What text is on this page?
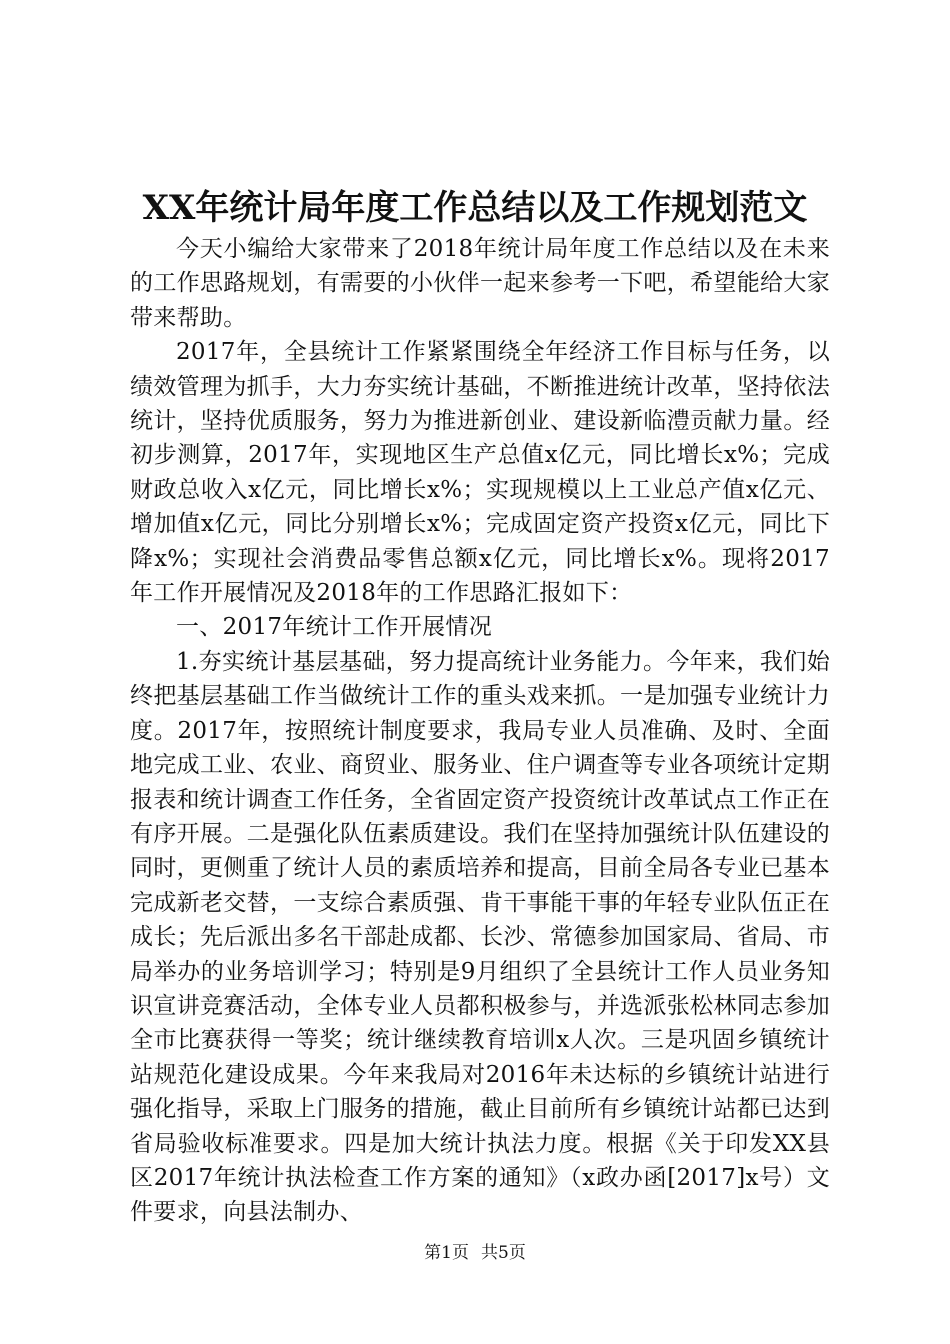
XX年统计局年度工作总结以及工作规划范文

今天小编给大家带来了2018年统计局年度工作总结以及在未来的工作思路规划，有需要的小伙伴一起来参考一下吧，希望能给大家带来帮助。

2017年，全县统计工作紧紧围绕全年经济工作目标与任务，以绩效管理为抓手，大力夯实统计基础，不断推进统计改革，坚持依法统计，坚持优质服务，努力为推进新创业、建设新临澧贡献力量。经初步测算，2017年，实现地区生产总值x亿元，同比增长x%；完成财政总收入x亿元，同比增长x%；实现规模以上工业总产值x亿元、增加值x亿元，同比分别增长x%；完成固定资产投资x亿元，同比下降x%；实现社会消费品零售总额x亿元，同比增长x%。现将2017年工作开展情况及2018年的工作思路汇报如下：

一、2017年统计工作开展情况

1.夯实统计基层基础，努力提高统计业务能力。今年来，我们始终把基层基础工作当做统计工作的重头戏来抓。一是加强专业统计力度。2017年，按照统计制度要求，我局专业人员准确、及时、全面地完成工业、农业、商贸业、服务业、住户调查等专业各项统计定期报表和统计调查工作任务，全省固定资产投资统计改革试点工作正在有序开展。二是强化队伍素质建设。我们在坚持加强统计队伍建设的同时，更侧重了统计人员的素质培养和提高，目前全局各专业已基本完成新老交替，一支综合素质强、肯干事能干事的年轻专业队伍正在成长；先后派出多名干部赴成都、长沙、常德参加国家局、省局、市局举办的业务培训学习；特别是9月组织了全县统计工作人员业务知识宣讲竞赛活动，全体专业人员都积极参与，并选派张松林同志参加全市比赛获得一等奖；统计继续教育培训x人次。三是巩固乡镇统计站规范化建设成果。今年来我局对2016年未达标的乡镇统计站进行强化指导，采取上门服务的措施，截止目前所有乡镇统计站都已达到省局验收标准要求。四是加大统计执法力度。根据《关于印发XX县区2017年统计执法检查工作方案的通知》（x政办函[2017]x号）文件要求，向县法制办、

第1页 共5页
